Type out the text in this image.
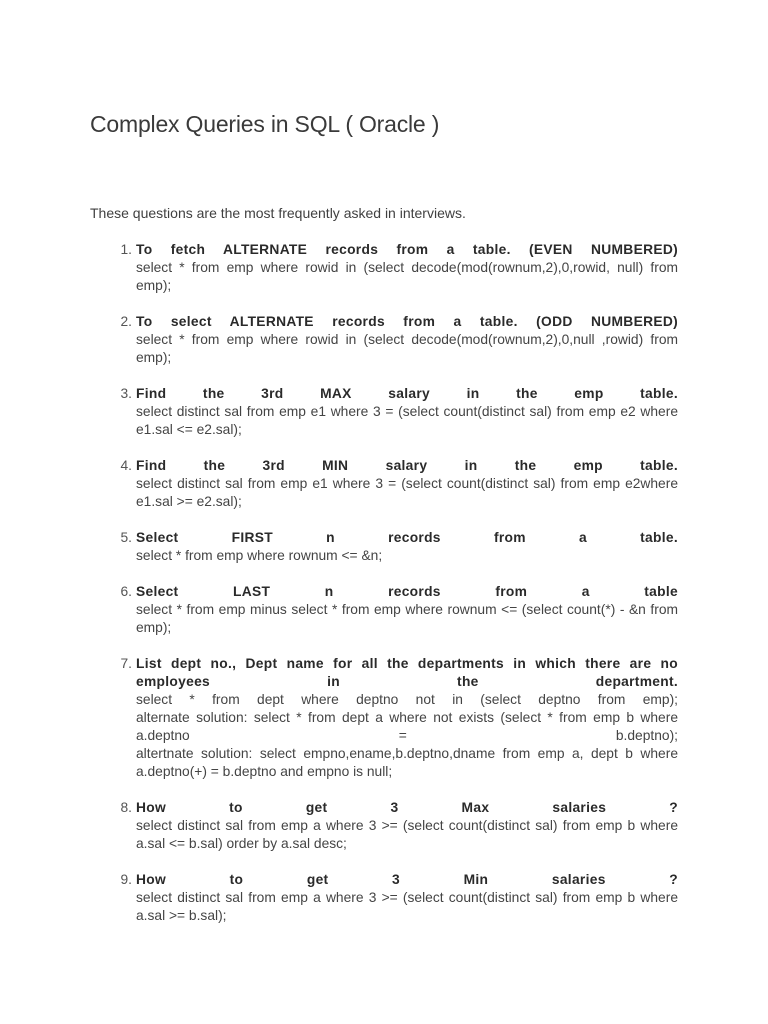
Complex Queries in SQL ( Oracle )

These questions are the most frequently asked in interviews.

1. To fetch ALTERNATE records from a table. (EVEN NUMBERED)
select * from emp where rowid in (select decode(mod(rownum,2),0,rowid, null) from emp);
2. To select ALTERNATE records from a table. (ODD NUMBERED)
select * from emp where rowid in (select decode(mod(rownum,2),0,null ,rowid) from emp);
3. Find the 3rd MAX salary in the emp table.
select distinct sal from emp e1 where 3 = (select count(distinct sal) from emp e2 where e1.sal <= e2.sal);
4. Find the 3rd MIN salary in the emp table.
select distinct sal from emp e1 where 3 = (select count(distinct sal) from emp e2where e1.sal >= e2.sal);
5. Select FIRST n records from a table.
select * from emp where rownum <= &n;
6. Select LAST n records from a table
select * from emp minus select * from emp where rownum <= (select count(*) - &n from emp);
7. List dept no., Dept name for all the departments in which there are no
employees in the department.
select * from dept where deptno not in (select deptno from emp);
alternate solution: select * from dept a where not exists (select * from emp b where a.deptno = b.deptno);
altertnate solution: select empno,ename,b.deptno,dname from emp a, dept b where a.deptno(+) = b.deptno and empno is null;
8. How to get 3 Max salaries ?
select distinct sal from emp a where 3 >= (select count(distinct sal) from emp b where a.sal <= b.sal) order by a.sal desc;
9. How to get 3 Min salaries ?
select distinct sal from emp a where 3 >= (select count(distinct sal) from emp b where a.sal >= b.sal);
